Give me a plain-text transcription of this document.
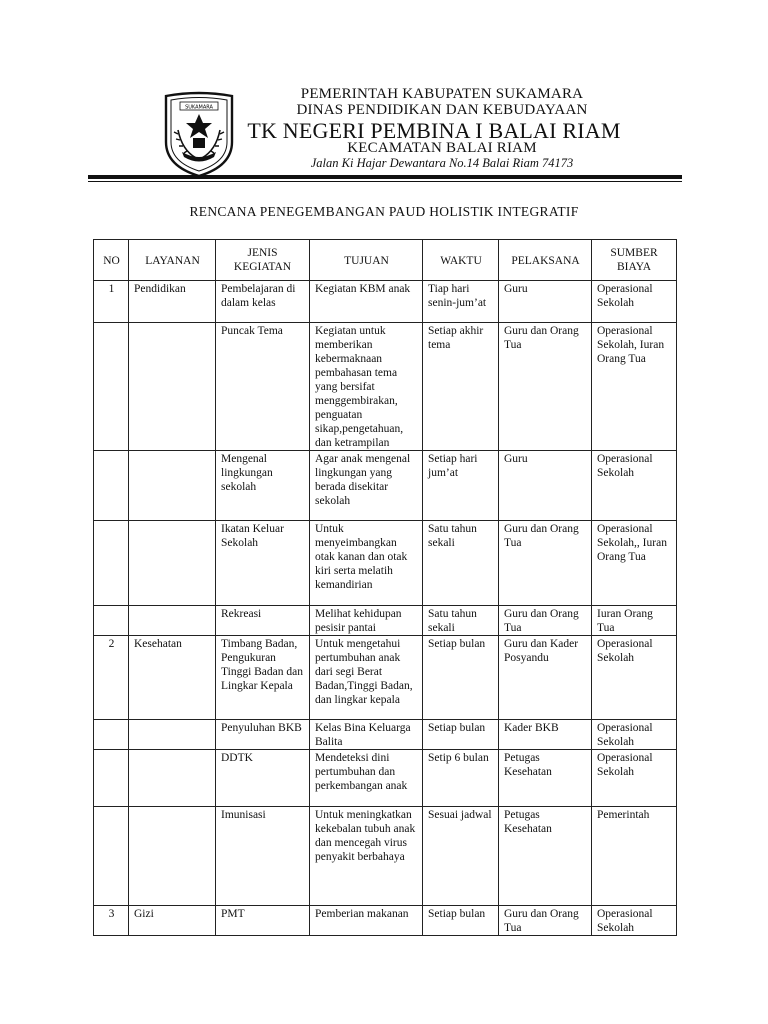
SUKAMARA
PEMERINTAH KABUPATEN SUKAMARA
DINAS PENDIDIKAN DAN KEBUDAYAAN
TK NEGERI PEMBINA I BALAI RIAM
KECAMATAN BALAI RIAM
Jalan Ki Hajar Dewantara No.14 Balai Riam 74173
RENCANA PENEGEMBANGAN PAUD HOLISTIK INTEGRATIF
NO	LAYANAN	JENIS KEGIATAN	TUJUAN	WAKTU	PELAKSANA	SUMBER BIAYA
1	Pendidikan	Pembelajaran di dalam kelas	Kegiatan KBM anak	Tiap hari senin-jum’at	Guru	Operasional Sekolah
		Puncak Tema	Kegiatan untuk memberikan kebermaknaan pembahasan tema yang bersifat menggembirakan, penguatan sikap,pengetahuan, dan ketrampilan	Setiap akhir tema	Guru dan Orang Tua	Operasional Sekolah, Iuran Orang Tua
		Mengenal lingkungan sekolah	Agar anak mengenal lingkungan yang berada disekitar sekolah	Setiap hari jum’at	Guru	Operasional Sekolah
		Ikatan Keluar Sekolah	Untuk menyeimbangkan otak kanan dan otak kiri serta melatih kemandirian	Satu tahun sekali	Guru dan Orang Tua	Operasional Sekolah,, Iuran Orang Tua
		Rekreasi	Melihat kehidupan pesisir pantai	Satu tahun sekali	Guru dan Orang Tua	Iuran Orang Tua
2	Kesehatan	Timbang Badan, Pengukuran Tinggi Badan dan Lingkar Kepala	Untuk mengetahui pertumbuhan anak dari segi Berat Badan,Tinggi Badan, dan lingkar kepala	Setiap bulan	Guru dan Kader Posyandu	Operasional Sekolah
		Penyuluhan BKB	Kelas Bina Keluarga Balita	Setiap bulan	Kader BKB	Operasional Sekolah
		DDTK	Mendeteksi dini pertumbuhan dan perkembangan anak	Setip 6 bulan	Petugas Kesehatan	Operasional Sekolah
		Imunisasi	Untuk meningkatkan kekebalan tubuh anak dan mencegah virus penyakit berbahaya	Sesuai jadwal	Petugas Kesehatan	Pemerintah
3	Gizi	PMT	Pemberian makanan	Setiap bulan	Guru dan Orang Tua	Operasional Sekolah
